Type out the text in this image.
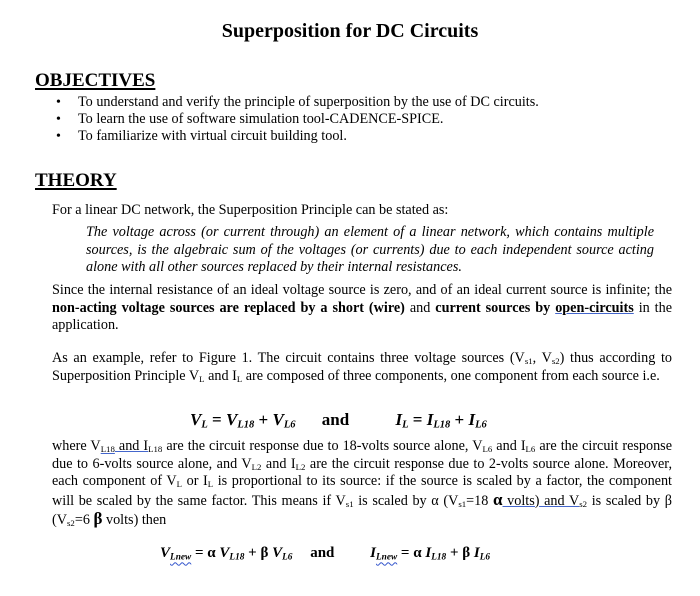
Superposition for DC Circuits
OBJECTIVES
• To understand and verify the principle of superposition by the use of DC circuits.
• To learn the use of software simulation tool-CADENCE-SPICE.
• To familiarize with virtual circuit building tool.
THEORY
For a linear DC network, the Superposition Principle can be stated as:
The voltage across (or current through) an element of a linear network, which contains multiple sources, is the algebraic sum of the voltages (or currents) due to each independent source acting alone with all other sources replaced by their internal resistances.
Since the internal resistance of an ideal voltage source is zero, and of an ideal current source is infinite; the non-acting voltage sources are replaced by a short (wire) and current sources by open-circuits in the application.
As an example, refer to Figure 1. The circuit contains three voltage sources ($V_{s1}$, $V_{s2}$) thus according to Superposition Principle $V_L$ and $I_L$ are composed of three components, one component from each source i.e.
$V_L = V_{L18} + V_{L6}$ and	$I_L = I_{L18} + I_{L6}$
where $V_{L18}$ and $I_{L18}$ are the circuit response due to 18-volts source alone, $V_{L6}$ and $I_{L6}$ are the circuit response due to 6-volts source alone, and $V_{L2}$ and $I_{L2}$ are the circuit response due to 2-volts source alone. Moreover, each component of $V_L$ or $I_L$ is proportional to its source: if the source is scaled by a factor, the component will be scaled by the same factor. This means if $V_{s1}$ is scaled by α ($V_{s1}=18$ α volts) and $V_{s2}$ is scaled by β ($V_{s2}=6$ β volts) then
$V_{Lnew} = \alpha$ $V_{L18} + \beta$ $V_{L6}$ and $I_{Lnew} = \alpha$ $I_{L18} + \beta$ $I_{L6}$
